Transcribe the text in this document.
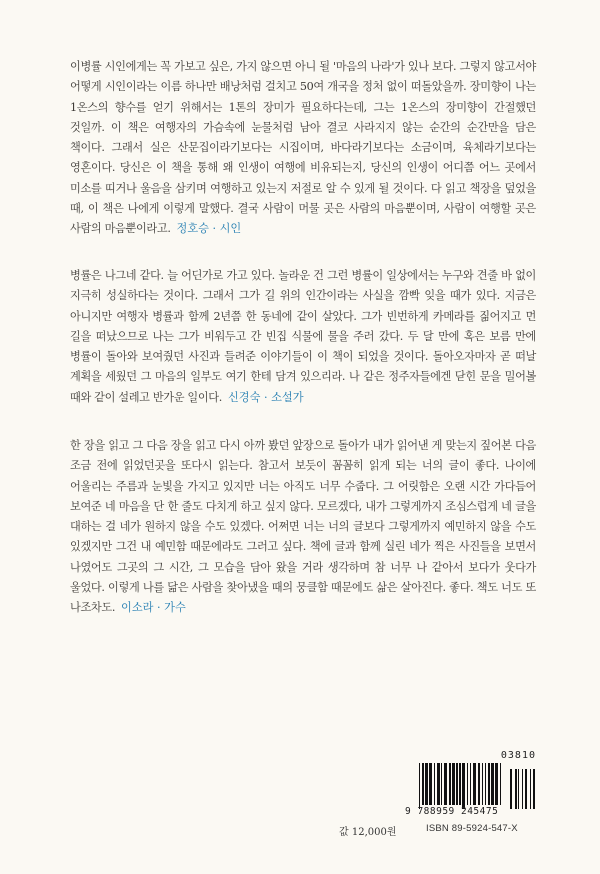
이병률 시인에게는 꼭 가보고 싶은, 가지 않으면 아니 될 '마음의 나라'가 있나 보다. 그렇지 않고서야 어떻게 시인이라는 이름 하나만 배낭처럼 걸치고 50여 개국을 정처 없이 떠돌았을까. 장미향이 나는 1온스의 향수를 얻기 위해서는 1톤의 장미가 필요하다는데, 그는 1온스의 장미향이 간절했던 것일까. 이 책은 여행자의 가슴속에 눈물처럼 남아 결코 사라지지 않는 순간의 순간만을 담은 책이다. 그래서 실은 산문집이라기보다는 시집이며, 바다라기보다는 소금이며, 육체라기보다는 영혼이다. 당신은 이 책을 통해 왜 인생이 여행에 비유되는지, 당신의 인생이 어디쯤 어느 곳에서 미소를 띠거나 울음을 삼키며 여행하고 있는지 저절로 알 수 있게 될 것이다. 다 읽고 책장을 덮었을 때, 이 책은 나에게 이렇게 말했다. 결국 사람이 머물 곳은 사람의 마음뿐이며, 사람이 여행할 곳은 사람의 마음뿐이라고. 정호승 · 시인

병률은 나그네 같다. 늘 어딘가로 가고 있다. 놀라운 건 그런 병률이 일상에서는 누구와 견줄 바 없이 지극히 성실하다는 것이다. 그래서 그가 길 위의 인간이라는 사실을 깜빡 잊을 때가 있다. 지금은 아니지만 여행자 병률과 함께 2년쯤 한 동네에 같이 살았다. 그가 빈번하게 카메라를 짊어지고 먼 길을 떠났으므로 나는 그가 비워두고 간 빈집 식물에 물을 주러 갔다. 두 달 만에 혹은 보름 만에 병률이 돌아와 보여줬던 사진과 들려준 이야기들이 이 책이 되었을 것이다. 돌아오자마자 곧 떠날 계획을 세웠던 그 마음의 일부도 여기 한테 담겨 있으리라. 나 같은 정주자들에겐 닫힌 문을 밀어볼 때와 같이 설레고 반가운 일이다. 신경숙 · 소설가

한 장을 읽고 그 다음 장을 읽고 다시 아까 봤던 앞장으로 돌아가 내가 읽어낸 게 맞는지 짚어본 다음 조금 전에 읽었던곳을 또다시 읽는다. 참고서 보듯이 꼼꼼히 읽게 되는 너의 글이 좋다. 나이에 어울리는 주름과 눈빛을 가지고 있지만 너는 아직도 너무 수줍다. 그 어릿함은 오랜 시간 가다듬어 보여준 네 마음을 단 한 줄도 다치게 하고 싶지 않다. 모르겠다, 내가 그렇게까지 조심스럽게 네 글을 대하는 걸 네가 원하지 않을 수도 있겠다. 어쩌면 너는 너의 글보다 그렇게까지 예민하지 않을 수도 있겠지만 그건 내 예민함 때문에라도 그러고 싶다. 책에 글과 함께 실린 네가 찍은 사진들을 보면서 나였어도 그곳의 그 시간, 그 모습을 담아 왔을 거라 생각하며 참 너무 나 같아서 보다가 웃다가 울었다. 이렇게 나를 닮은 사람을 찾아냈을 때의 뭉클함 때문에도 삶은 살아진다. 좋다. 책도 너도 또 나조차도. 이소라 · 가수

03810
9 788959 245475
값 12,000원	ISBN 89-5924-547-X
